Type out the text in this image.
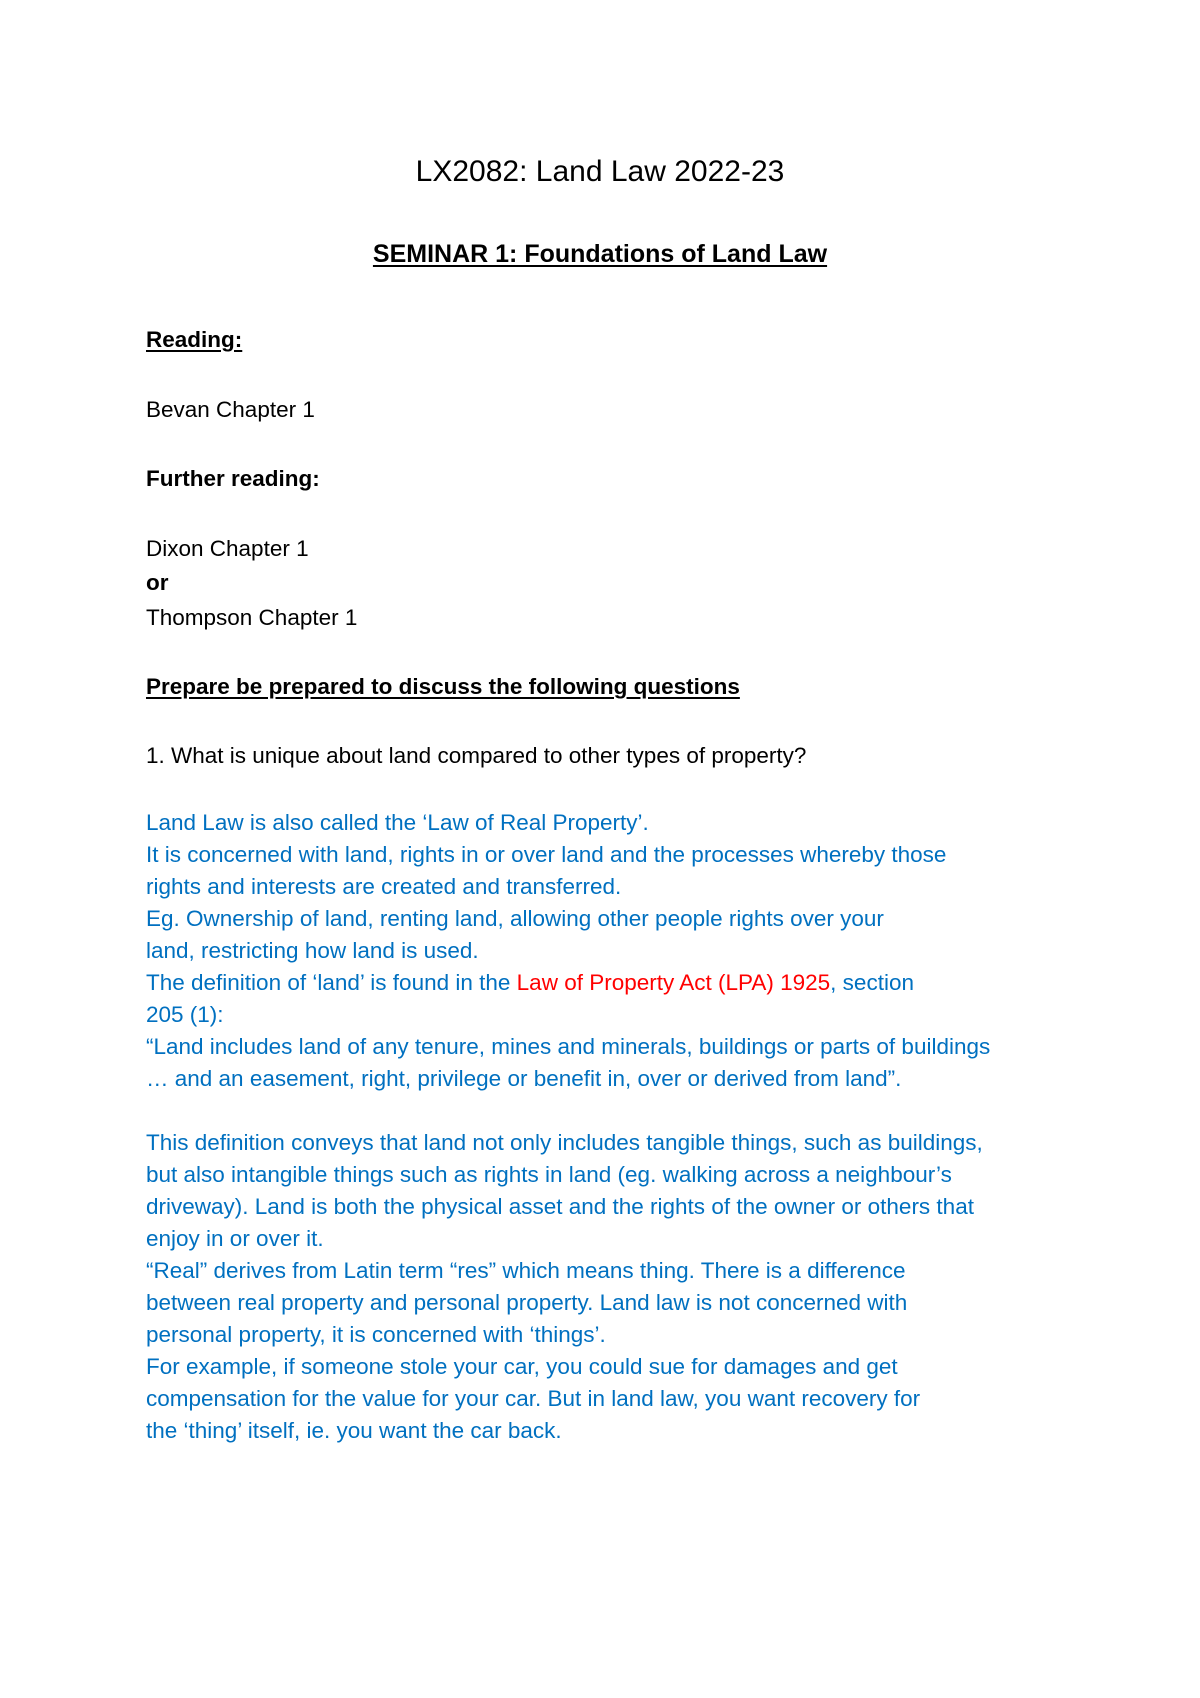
LX2082: Land Law 2022-23
SEMINAR 1: Foundations of Land Law
Reading:
Bevan Chapter 1
Further reading:
Dixon Chapter 1
or
Thompson Chapter 1
Prepare be prepared to discuss the following questions
1. What is unique about land compared to other types of property?
Land Law is also called the ‘Law of Real Property’.
It is concerned with land, rights in or over land and the processes whereby those
rights and interests are created and transferred.
Eg. Ownership of land, renting land, allowing other people rights over your
land, restricting how land is used.
The definition of ‘land’ is found in the Law of Property Act (LPA) 1925, section
205 (1):
“Land includes land of any tenure, mines and minerals, buildings or parts of buildings
… and an easement, right, privilege or benefit in, over or derived from land”.
This definition conveys that land not only includes tangible things, such as buildings,
but also intangible things such as rights in land (eg. walking across a neighbour’s
driveway). Land is both the physical asset and the rights of the owner or others that
enjoy in or over it.
“Real” derives from Latin term “res” which means thing. There is a difference
between real property and personal property. Land law is not concerned with
personal property, it is concerned with ‘things’.
For example, if someone stole your car, you could sue for damages and get
compensation for the value for your car. But in land law, you want recovery for
the ‘thing’ itself, ie. you want the car back.
